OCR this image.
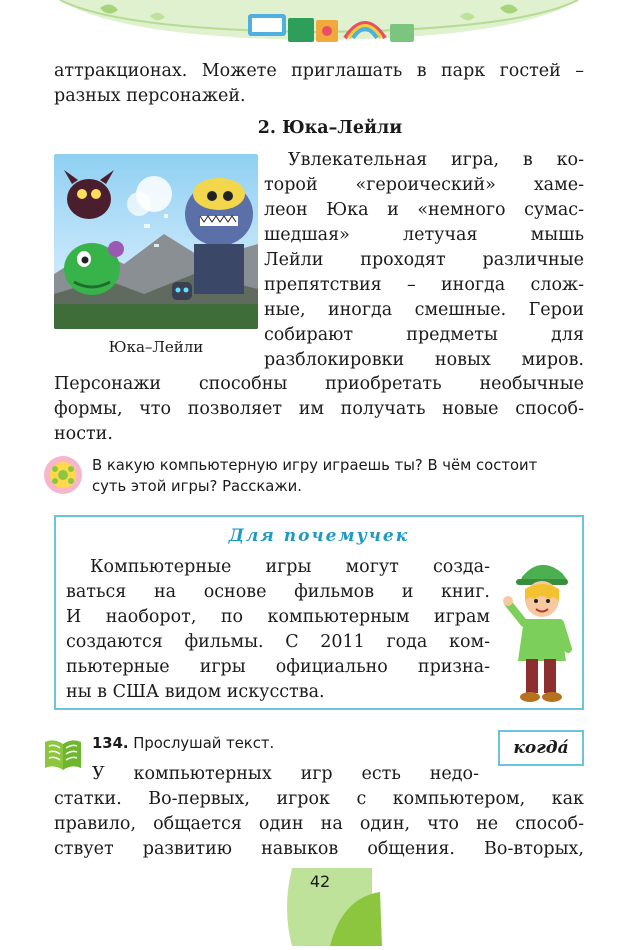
аттракционах. Можете приглашать в парк гостей –

разных персонажей.

2. Юка–Лейли
Юка–Лейли

Увлекательная игра, в ко-

торой «героический» хаме-

леон Юка и «немного сумас-

шедшая» летучая мышь

Лейли проходят различные

препятствия – иногда слож-

ные, иногда смешные. Герои

собирают предметы для

разблокировки новых миров.

Персонажи способны приобретать необычные

формы, что позволяет им получать новые способ-

ности.

В какую компьютерную игру играешь ты? В чём состоит
суть этой игры? Расскажи.
Для почемучек

Компьютерные игры могут созда-

ваться на основе фильмов и книг.

И наоборот, по компьютерным играм

создаются фильмы. С 2011 года ком-

пьютерные игры официально призна-

ны в США видом искусства.

134. Прослушай текст.	когда́

У компьютерных игр есть недо-

статки. Во-первых, игрок с компьютером, как

правило, общается один на один, что не способ-

ствует развитию навыков общения. Во-вторых,

42
